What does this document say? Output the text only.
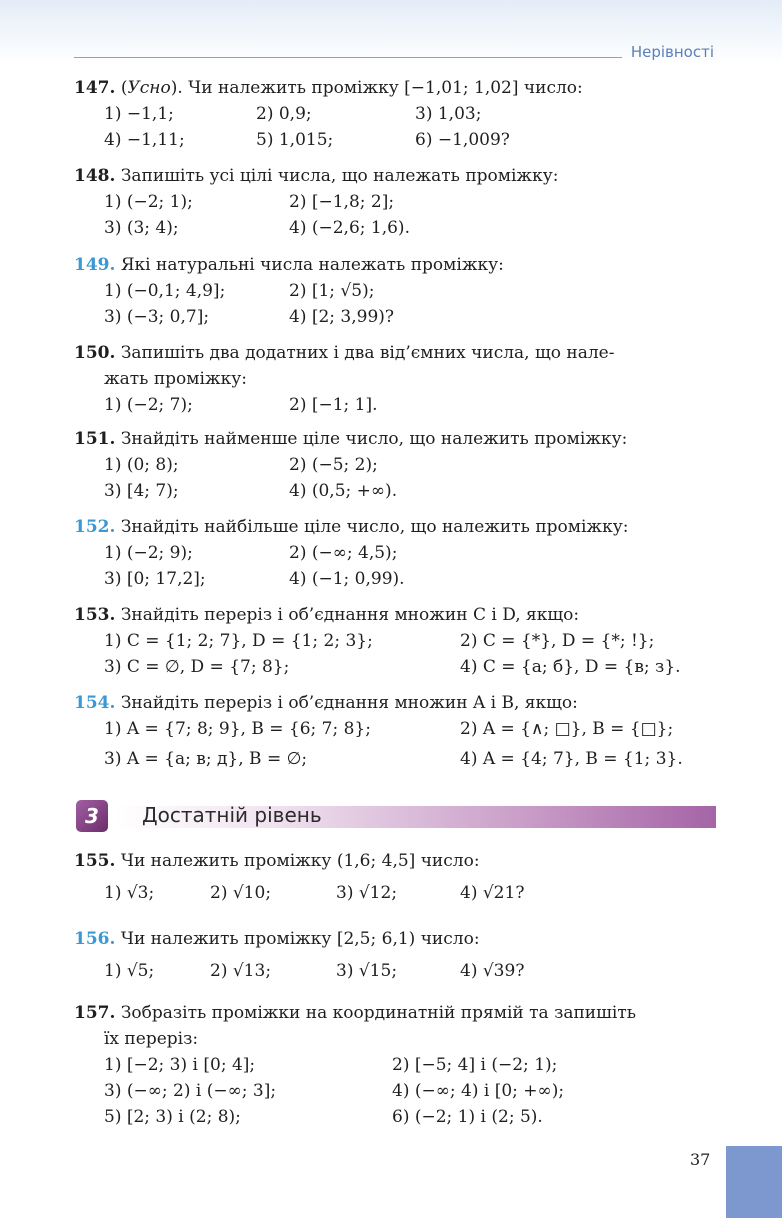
Нерівності
147. (Усно). Чи належить проміжку [−1,01; 1,02] число:
1) −1,1;	2) 0,9;	3) 1,03;
4) −1,11;	5) 1,015;	6) −1,009?
148. Запишіть усі цілі числа, що належать проміжку:
1) (−2; 1);	2) [−1,8; 2];
3) (3; 4);	4) (−2,6; 1,6).
149. Які натуральні числа належать проміжку:
1) (−0,1; 4,9];	2) [1; √5);
3) (−3; 0,7];	4) [2; 3,99)?
150. Запишіть два додатних і два від’ємних числа, що нале-
жать проміжку:
1) (−2; 7);	2) [−1; 1].
151. Знайдіть найменше ціле число, що належить проміжку:
1) (0; 8);	2) (−5; 2);
3) [4; 7);	4) (0,5; +∞).
152. Знайдіть найбільше ціле число, що належить проміжку:
1) (−2; 9);	2) (−∞; 4,5);
3) [0; 17,2];	4) (−1; 0,99).
153. Знайдіть переріз і об’єднання множин C і D, якщо:
1) C = {1; 2; 7}, D = {1; 2; 3};	2) C = {*}, D = {*; !};
3) C = ∅, D = {7; 8};	4) C = {а; б}, D = {в; з}.
154. Знайдіть переріз і об’єднання множин A і B, якщо:
1) A = {7; 8; 9}, B = {6; 7; 8};	2) A = {∧; □}, B = {□};
3) A = {а; в; д}, B = ∅;	4) A = {4; 7}, B = {1; 3}.
3	Достатній рівень
155. Чи належить проміжку (1,6; 4,5] число:
1) √3;	2) √10;	3) √12;	4) √21?
156. Чи належить проміжку [2,5; 6,1) число:
1) √5;	2) √13;	3) √15;	4) √39?
157. Зобразіть проміжки на координатній прямій та запишіть
їх переріз:
1) [−2; 3) і [0; 4];	2) [−5; 4] і (−2; 1);
3) (−∞; 2) і (−∞; 3];	4) (−∞; 4) і [0; +∞);
5) [2; 3) і (2; 8);	6) (−2; 1) і (2; 5).
37
